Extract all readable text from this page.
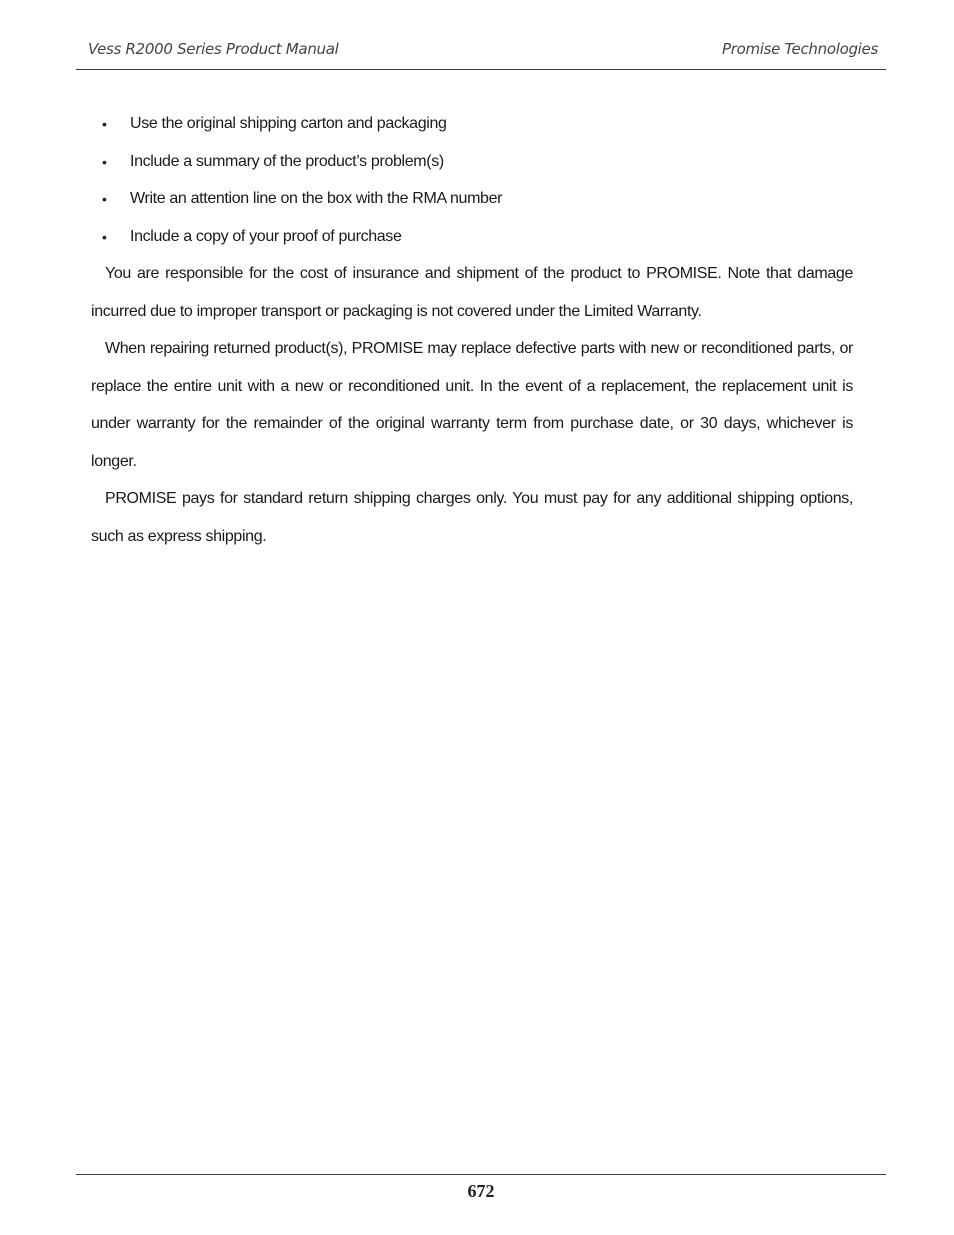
Vess R2000 Series Product Manual	Promise Technologies
• Use the original shipping carton and packaging
• Include a summary of the product’s problem(s)
• Write an attention line on the box with the RMA number
• Include a copy of your proof of purchase

You are responsible for the cost of insurance and shipment of the product to PROMISE. Note that damage incurred due to improper transport or packaging is not covered under the Limited Warranty.

When repairing returned product(s), PROMISE may replace defective parts with new or reconditioned parts, or replace the entire unit with a new or reconditioned unit. In the event of a replacement, the replacement unit is under warranty for the remainder of the original warranty term from purchase date, or 30 days, whichever is longer.

PROMISE pays for standard return shipping charges only. You must pay for any additional shipping options, such as express shipping.

672
